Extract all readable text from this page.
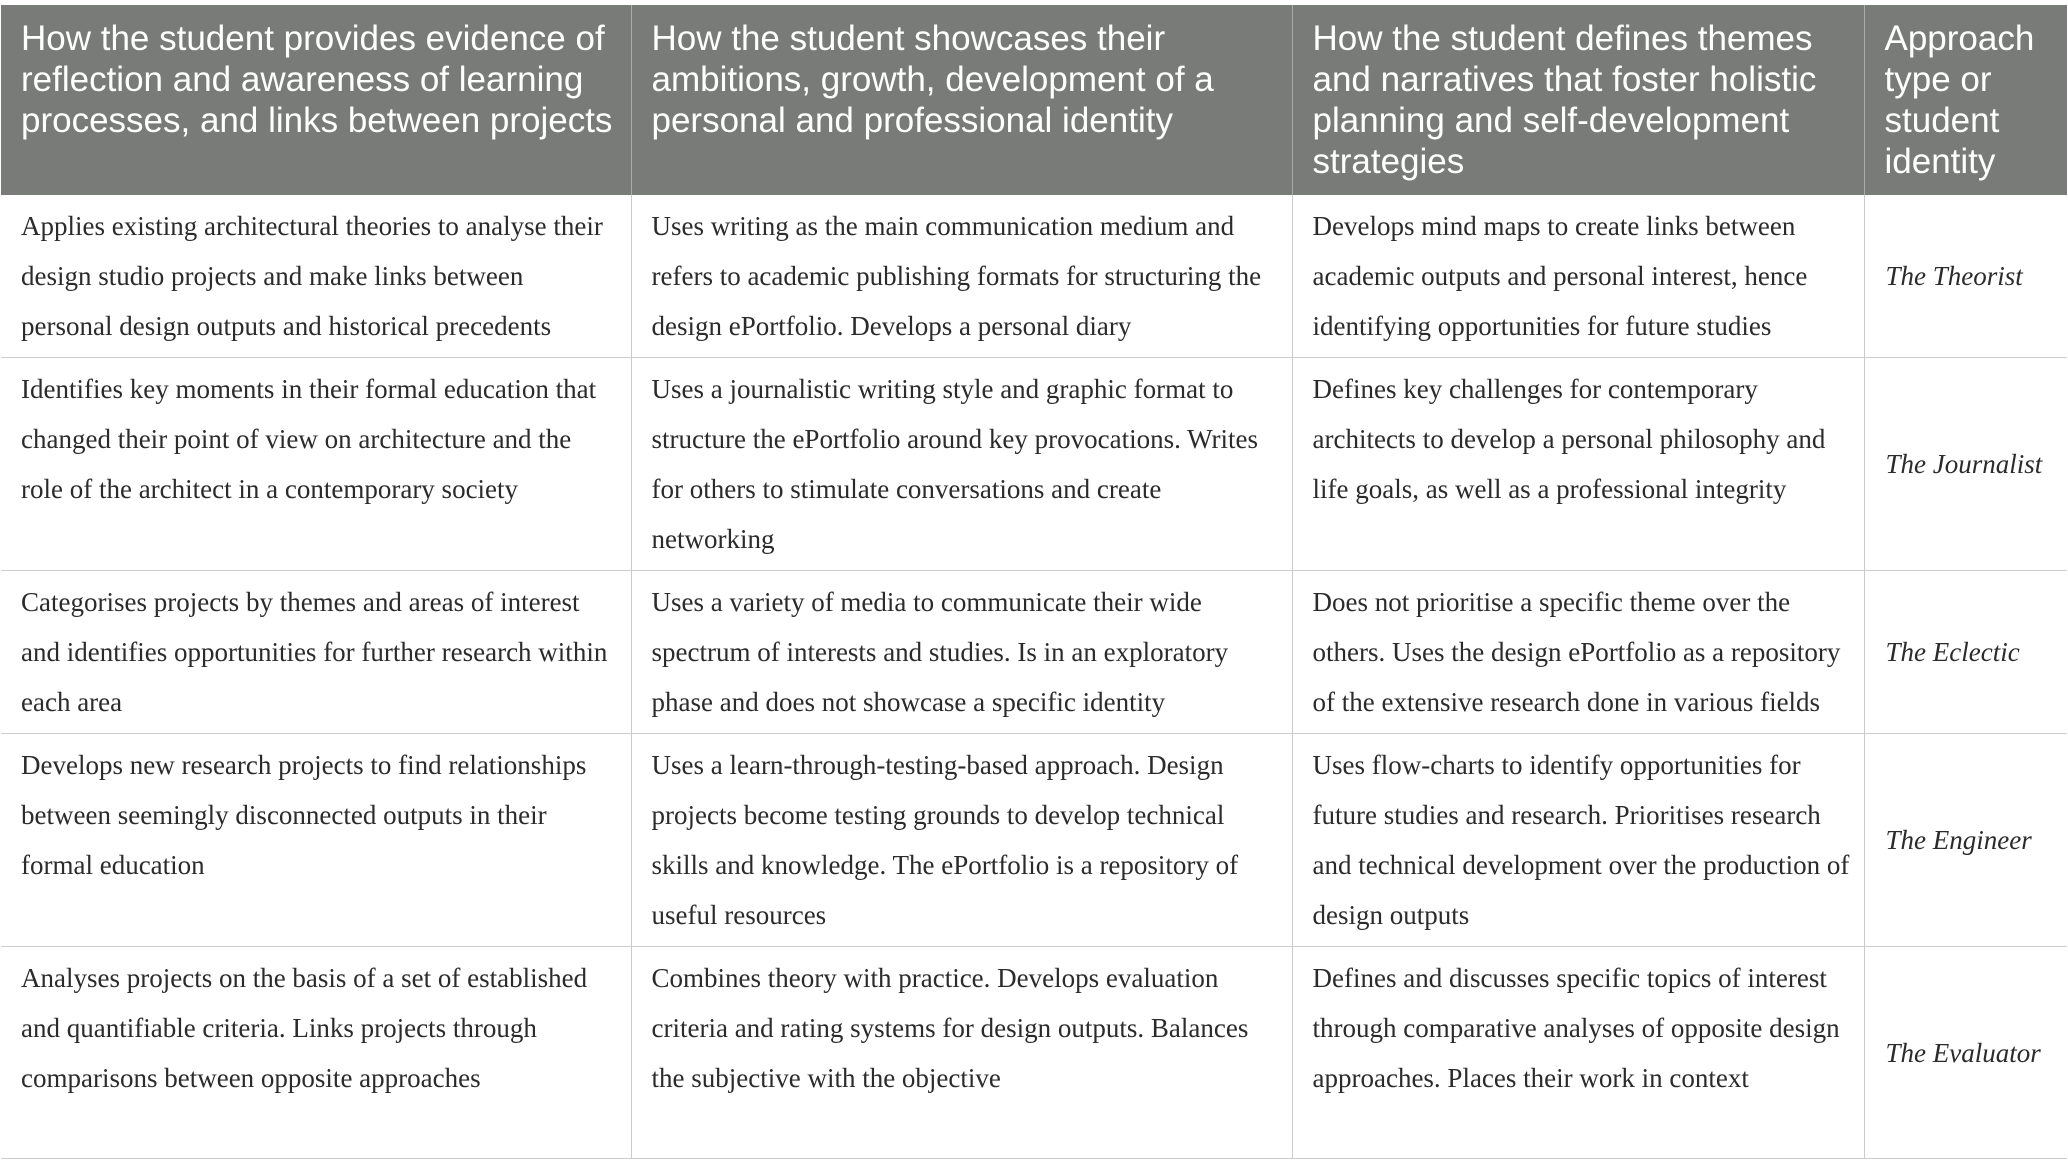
How the student provides evidence of reflection and awareness of learning processes, and links between projects	How the student showcases their ambitions, growth, development of a personal and professional identity	How the student defines themes and narratives that foster holistic planning and self-development strategies	Approach type or student identity
Applies existing architectural theories to analyse their design studio projects and make links between personal design outputs and historical precedents	Uses writing as the main communication medium and refers to academic publishing formats for structuring the design ePortfolio. Develops a personal diary	Develops mind maps to create links between academic outputs and personal interest, hence identifying opportunities for future studies	The Theorist
Identifies key moments in their formal education that changed their point of view on architecture and the role of the architect in a contemporary society	Uses a journalistic writing style and graphic format to structure the ePortfolio around key provocations. Writes for others to stimulate conversations and create networking	Defines key challenges for contemporary architects to develop a personal philosophy and life goals, as well as a professional integrity	The Journalist
Categorises projects by themes and areas of interest and identifies opportunities for further research within each area	Uses a variety of media to communicate their wide spectrum of interests and studies. Is in an exploratory phase and does not showcase a specific identity	Does not prioritise a specific theme over the others. Uses the design ePortfolio as a repository of the extensive research done in various fields	The Eclectic
Develops new research projects to find relationships between seemingly disconnected outputs in their formal education	Uses a learn-through-testing-based approach. Design projects become testing grounds to develop technical skills and knowledge. The ePortfolio is a repository of useful resources	Uses flow-charts to identify opportunities for future studies and research. Prioritises research and technical development over the production of design outputs	The Engineer
Analyses projects on the basis of a set of established and quantifiable criteria. Links projects through comparisons between opposite approaches	Combines theory with practice. Develops evaluation criteria and rating systems for design outputs. Balances the subjective with the objective	Defines and discusses specific topics of interest through comparative analyses of opposite design approaches. Places their work in context	The Evaluator
